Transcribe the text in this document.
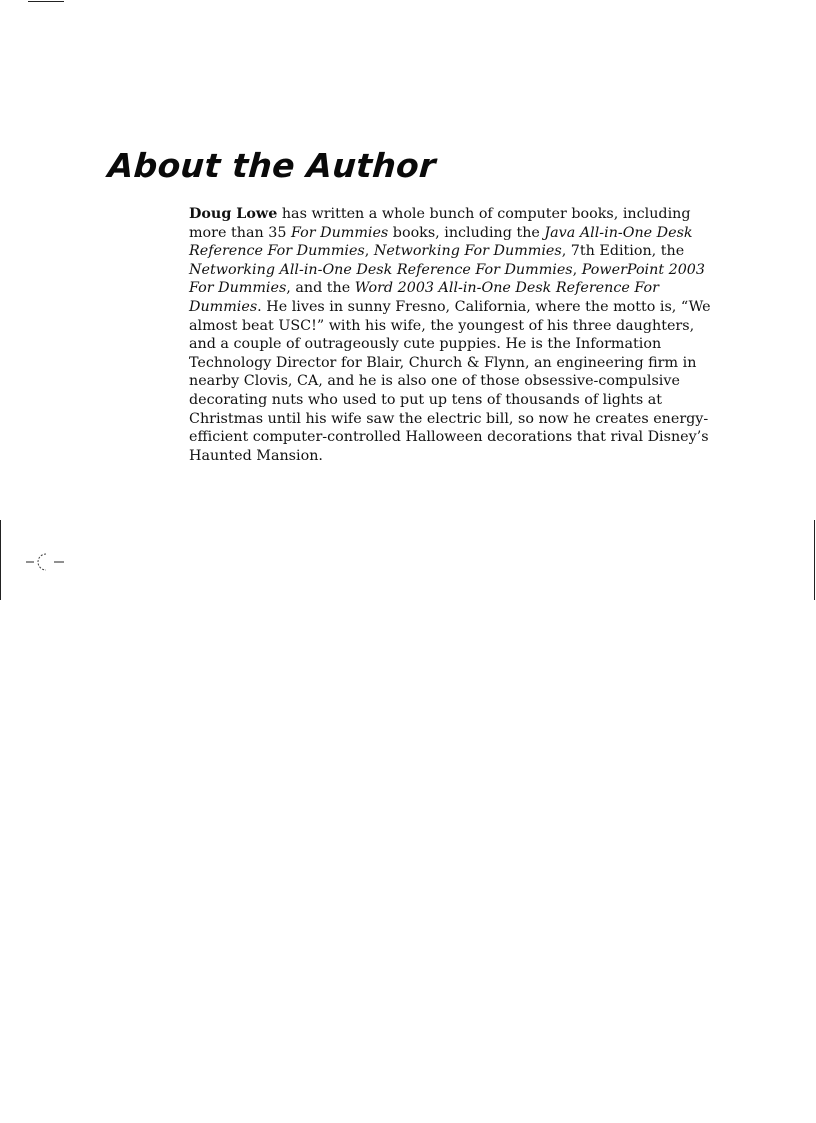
About the Author

Doug Lowe has written a whole bunch of computer books, including more than 35 For Dummies books, including the Java All-in-One Desk Reference For Dummies, Networking For Dummies, 7th Edition, the Networking All-in-One Desk Reference For Dummies, PowerPoint 2003 For Dummies, and the Word 2003 All-in-One Desk Reference For Dummies. He lives in sunny Fresno, California, where the motto is, “We almost beat USC!” with his wife, the youngest of his three daughters, and a couple of outrageously cute puppies. He is the Information Technology Director for Blair, Church & Flynn, an engineering firm in nearby Clovis, CA, and he is also one of those obsessive-compulsive decorating nuts who used to put up tens of thousands of lights at Christmas until his wife saw the electric bill, so now he creates energy-efficient computer-controlled Halloween decorations that rival Disney’s Haunted Mansion.
